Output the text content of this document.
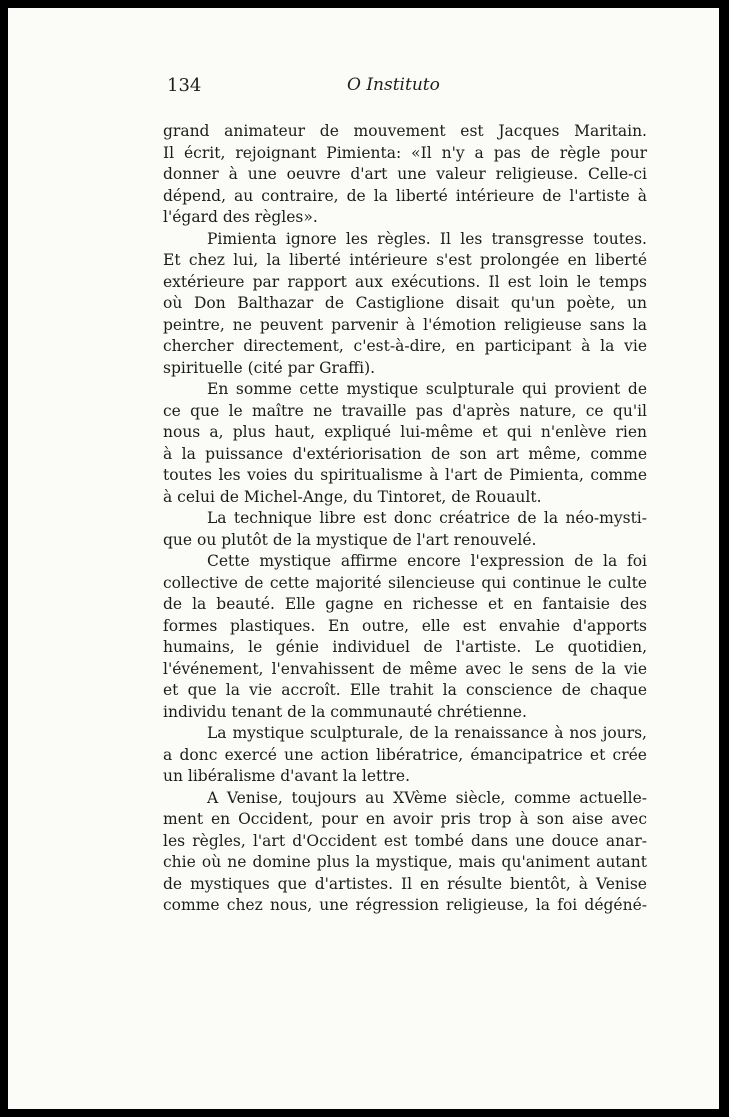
134	O Instituto
grand animateur de mouvement est Jacques Maritain.
Il écrit, rejoignant Pimienta: «Il n'y a pas de règle pour
donner à une oeuvre d'art une valeur religieuse. Celle-ci
dépend, au contraire, de la liberté intérieure de l'artiste à
l'égard des règles».
Pimienta ignore les règles. Il les transgresse toutes.
Et chez lui, la liberté intérieure s'est prolongée en liberté
extérieure par rapport aux exécutions. Il est loin le temps
où Don Balthazar de Castiglione disait qu'un poète, un
peintre, ne peuvent parvenir à l'émotion religieuse sans la
chercher directement, c'est-à-dire, en participant à la vie
spirituelle (cité par Graffi).
En somme cette mystique sculpturale qui provient de
ce que le maître ne travaille pas d'après nature, ce qu'il
nous a, plus haut, expliqué lui-même et qui n'enlève rien
à la puissance d'extériorisation de son art même, comme
toutes les voies du spiritualisme à l'art de Pimienta, comme
à celui de Michel-Ange, du Tintoret, de Rouault.
La technique libre est donc créatrice de la néo-mysti-
que ou plutôt de la mystique de l'art renouvelé.
Cette mystique affirme encore l'expression de la foi
collective de cette majorité silencieuse qui continue le culte
de la beauté. Elle gagne en richesse et en fantaisie des
formes plastiques. En outre, elle est envahie d'apports
humains, le génie individuel de l'artiste. Le quotidien,
l'événement, l'envahissent de même avec le sens de la vie
et que la vie accroît. Elle trahit la conscience de chaque
individu tenant de la communauté chrétienne.
La mystique sculpturale, de la renaissance à nos jours,
a donc exercé une action libératrice, émancipatrice et crée
un libéralisme d'avant la lettre.
A Venise, toujours au XVème siècle, comme actuelle-
ment en Occident, pour en avoir pris trop à son aise avec
les règles, l'art d'Occident est tombé dans une douce anar-
chie où ne domine plus la mystique, mais qu'animent autant
de mystiques que d'artistes. Il en résulte bientôt, à Venise
comme chez nous, une régression religieuse, la foi dégéné-
